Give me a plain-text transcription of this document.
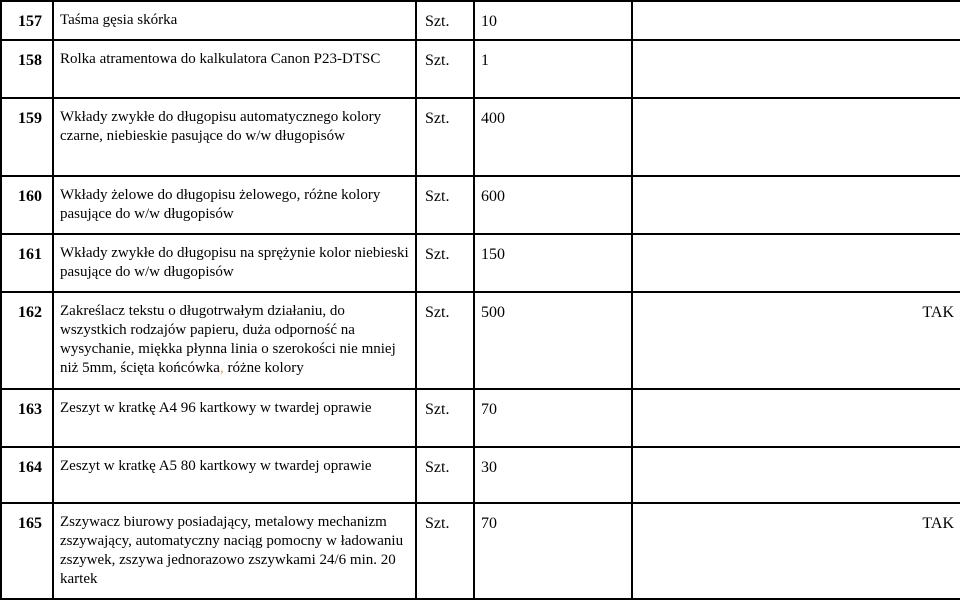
157	Taśma gęsia skórka	Szt.	10	
158	Rolka atramentowa do kalkulatora Canon P23-DTSC	Szt.	1	
159	Wkłady zwykłe do długopisu automatycznego kolory czarne, niebieskie pasujące do w/w długopisów	Szt.	400	
160	Wkłady żelowe do długopisu żelowego, różne kolory pasujące do w/w długopisów	Szt.	600	
161	Wkłady zwykłe do długopisu na sprężynie kolor niebieski pasujące do w/w długopisów	Szt.	150	
162	Zakreślacz tekstu o długotrwałym działaniu, do wszystkich rodzajów papieru, duża odporność na wysychanie, miękka płynna linia o szerokości nie mniej niż 5mm, ścięta końcówka, różne kolory	Szt.	500	TAK
163	Zeszyt w kratkę A4 96 kartkowy w twardej oprawie	Szt.	70	
164	Zeszyt w kratkę A5 80 kartkowy w twardej oprawie	Szt.	30	
165	Zszywacz biurowy posiadający, metalowy mechanizm zszywający, automatyczny naciąg pomocny w ładowaniu zszywek, zszywa jednorazowo zszywkami 24/6 min. 20 kartek	Szt.	70	TAK
